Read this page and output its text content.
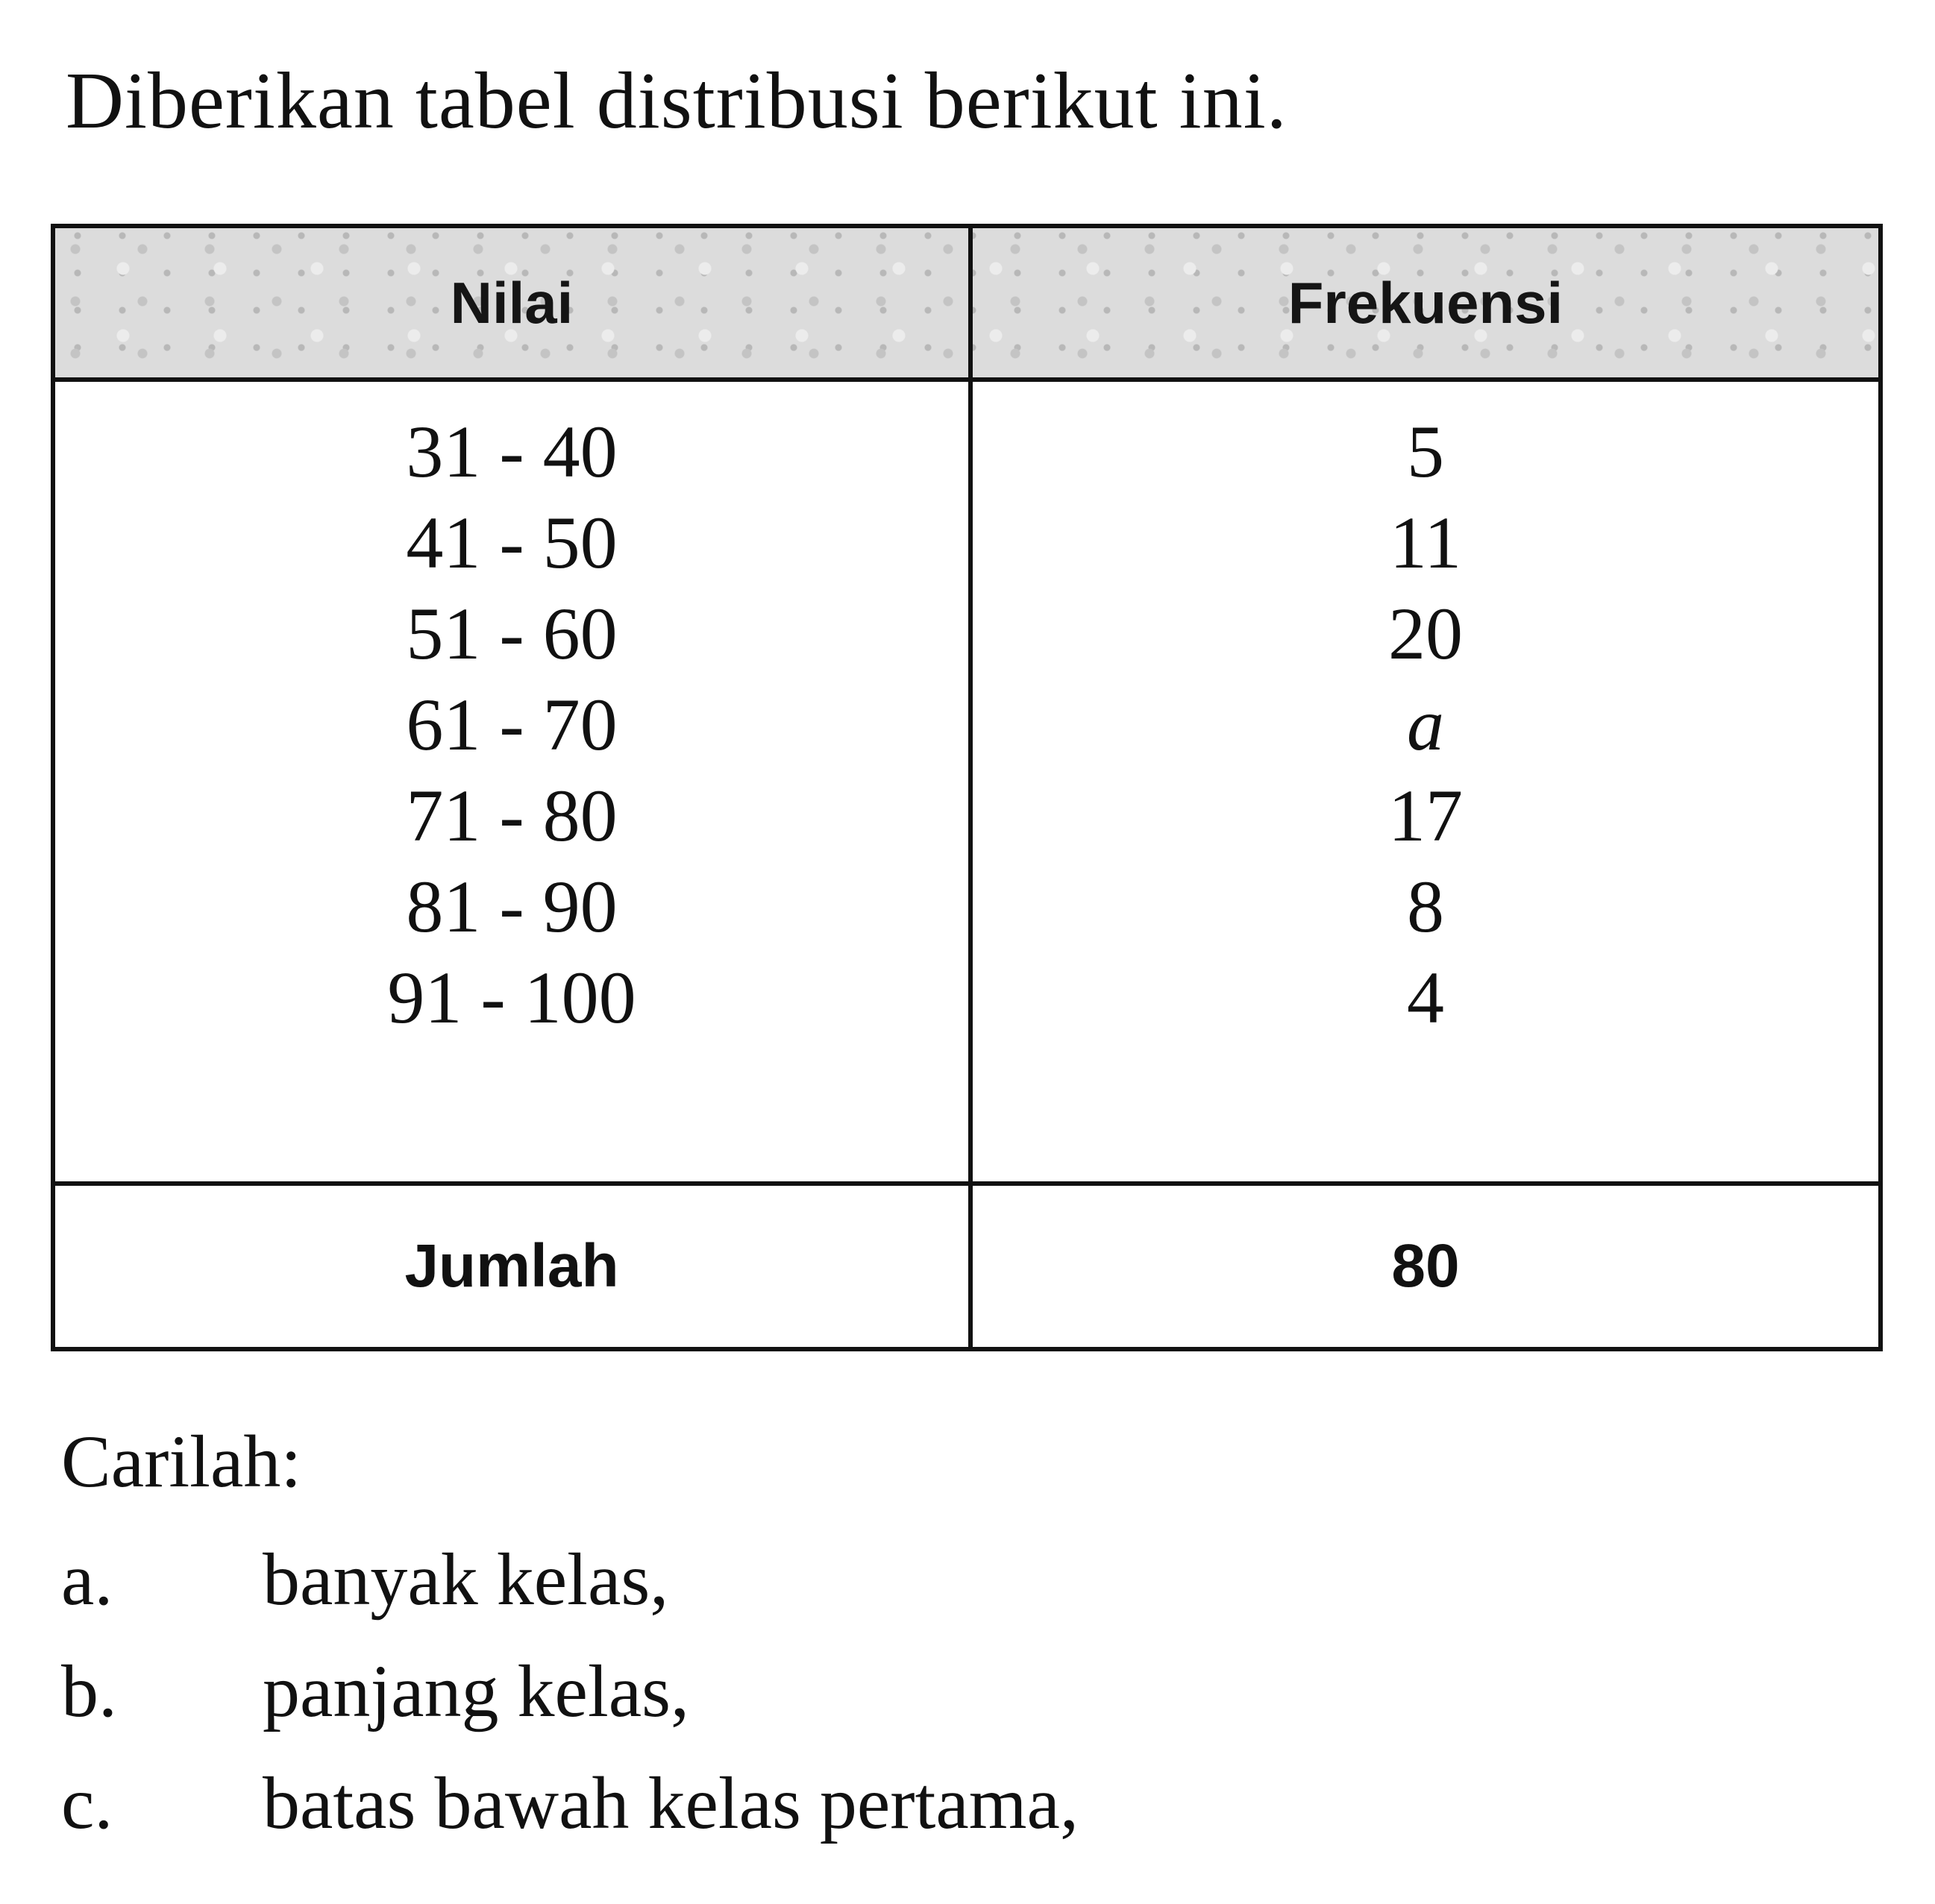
Diberikan tabel distribusi berikut ini.
Nilai	Frekuensi
31 - 40	5
41 - 50	11
51 - 60	20
61 - 70	a
71 - 80	17
81 - 90	8
91 - 100	4
Jumlah	80
Carilah:
a. banyak kelas,
b. panjang kelas,
c. batas bawah kelas pertama,
